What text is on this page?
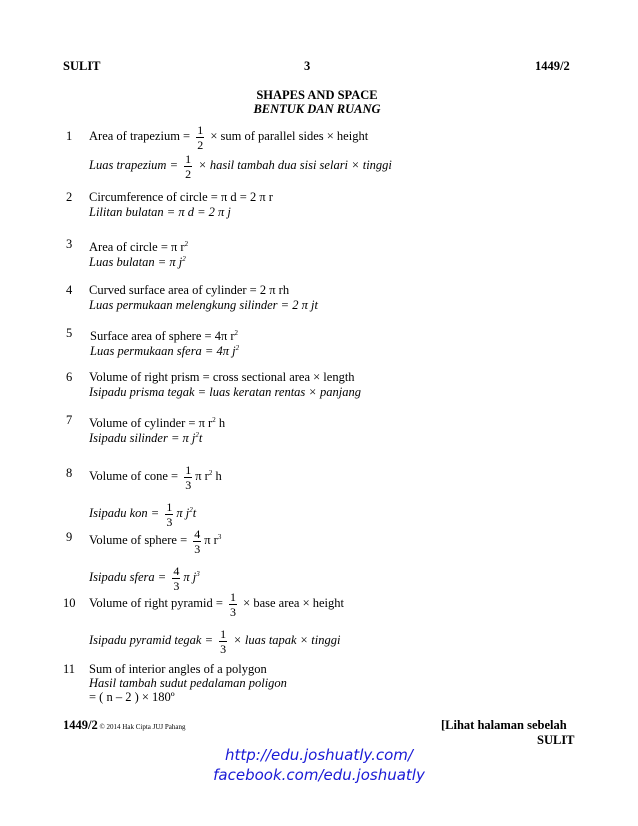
SULIT	3	1449/2
SHAPES AND SPACE
BENTUK DAN RUANG
1 Area of trapezium = $\frac{1}{2}$ × sum of parallel sides × height
Luas trapezium = $\frac{1}{2}$ × hasil tambah dua sisi selari × tinggi
2 Circumference of circle = π d = 2 π r
Lilitan bulatan = π d = 2 π j
3 Area of circle = π $r^2$
Luas bulatan = π $j^2$
4 Curved surface area of cylinder = 2 π rh
Luas permukaan melengkung silinder = 2 π jt
5 Surface area of sphere = 4π $r^2$
Luas permukaan sfera = 4π $j^2$
6 Volume of right prism = cross sectional area × length
Isipadu prisma tegak = luas keratan rentas × panjang
7 Volume of cylinder = π $r^2$ h
Isipadu silinder = π $j^2t$
8 Volume of cone = $\frac{1}{3}$ π $r^2$ h
Isipadu kon = $\frac{1}{3}$ π $j^2t$
9 Volume of sphere = $\frac{4}{3}$ π $r^3$
Isipadu sfera = $\frac{4}{3}$ π $j^3$
10 Volume of right pyramid = $\frac{1}{3}$ × base area × height
Isipadu pyramid tegak = $\frac{1}{3}$ × luas tapak × tinggi
11 Sum of interior angles of a polygon
Hasil tambah sudut pedalaman poligon
= ( n – 2 ) × 180º
1449/2 © 2014 Hak Cipta JUJ Pahang	[Lihat halaman sebelah
SULIT
http://edu.joshuatly.com/
facebook.com/edu.joshuatly
